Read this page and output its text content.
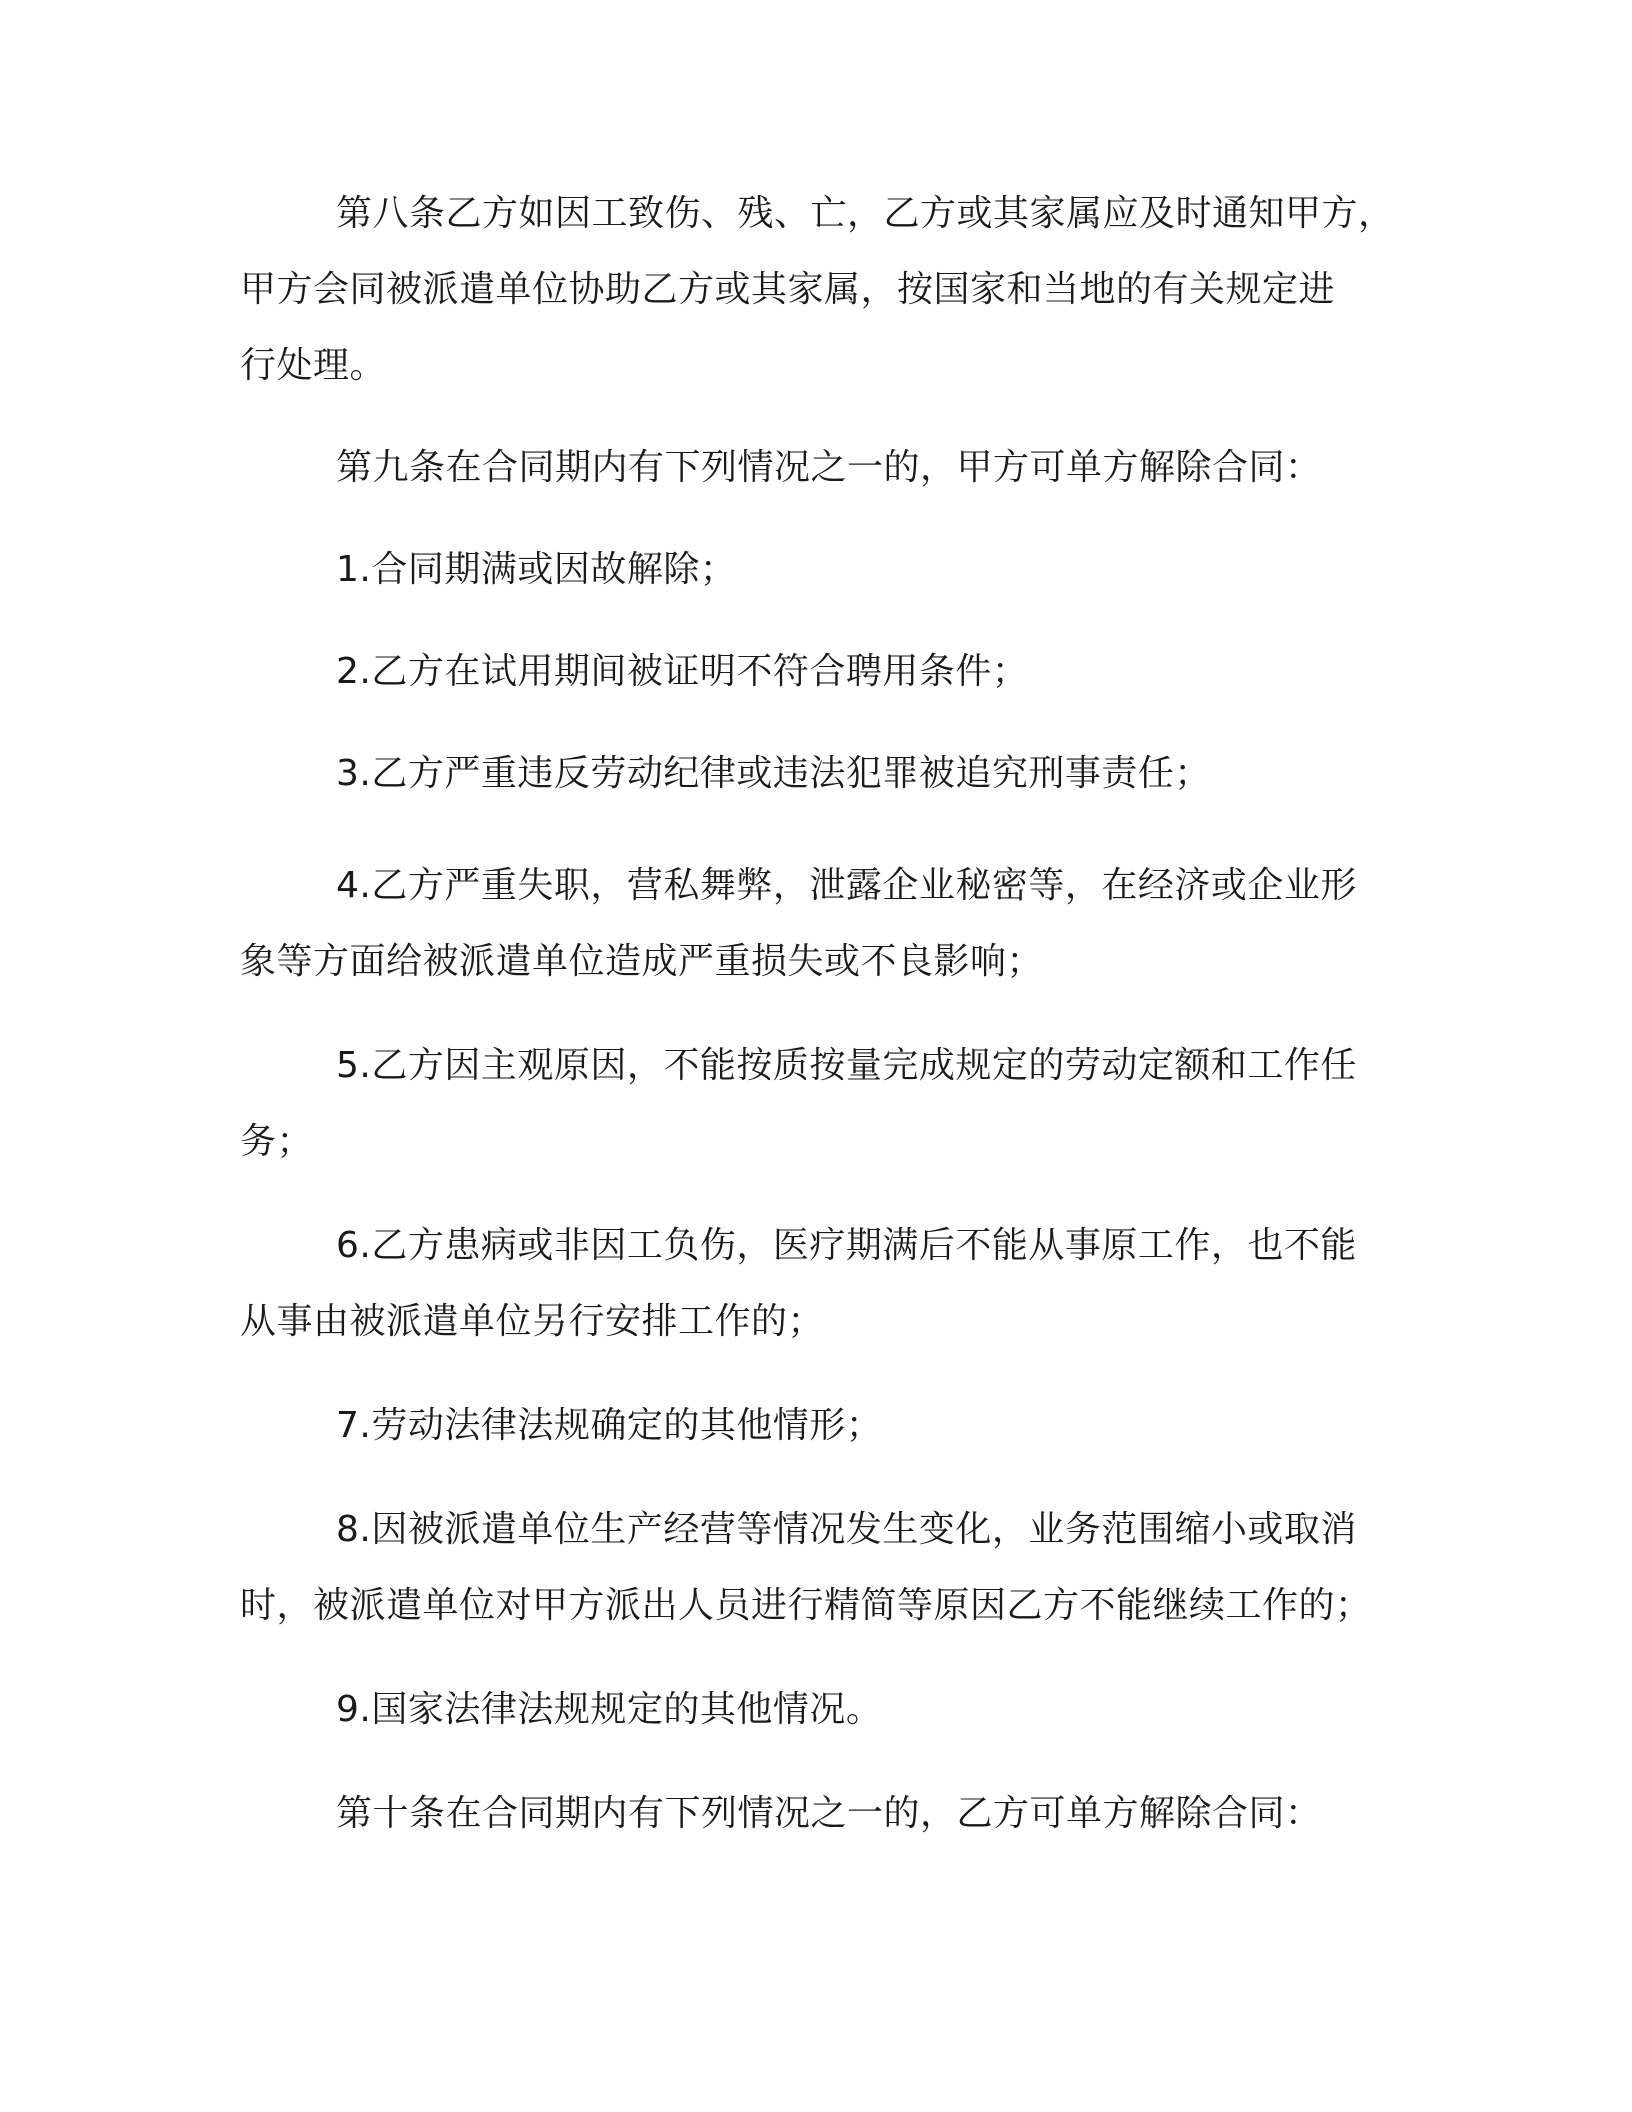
第八条乙方如因工致伤、残、亡，乙方或其家属应及时通知甲方，
甲方会同被派遣单位协助乙方或其家属，按国家和当地的有关规定进
行处理。
第九条在合同期内有下列情况之一的，甲方可单方解除合同：
1.合同期满或因故解除；
2.乙方在试用期间被证明不符合聘用条件；
3.乙方严重违反劳动纪律或违法犯罪被追究刑事责任；
4.乙方严重失职，营私舞弊，泄露企业秘密等，在经济或企业形
象等方面给被派遣单位造成严重损失或不良影响；
5.乙方因主观原因，不能按质按量完成规定的劳动定额和工作任
务；
6.乙方患病或非因工负伤，医疗期满后不能从事原工作，也不能
从事由被派遣单位另行安排工作的；
7.劳动法律法规确定的其他情形；
8.因被派遣单位生产经营等情况发生变化，业务范围缩小或取消
时，被派遣单位对甲方派出人员进行精简等原因乙方不能继续工作的；
9.国家法律法规规定的其他情况。
第十条在合同期内有下列情况之一的，乙方可单方解除合同：
